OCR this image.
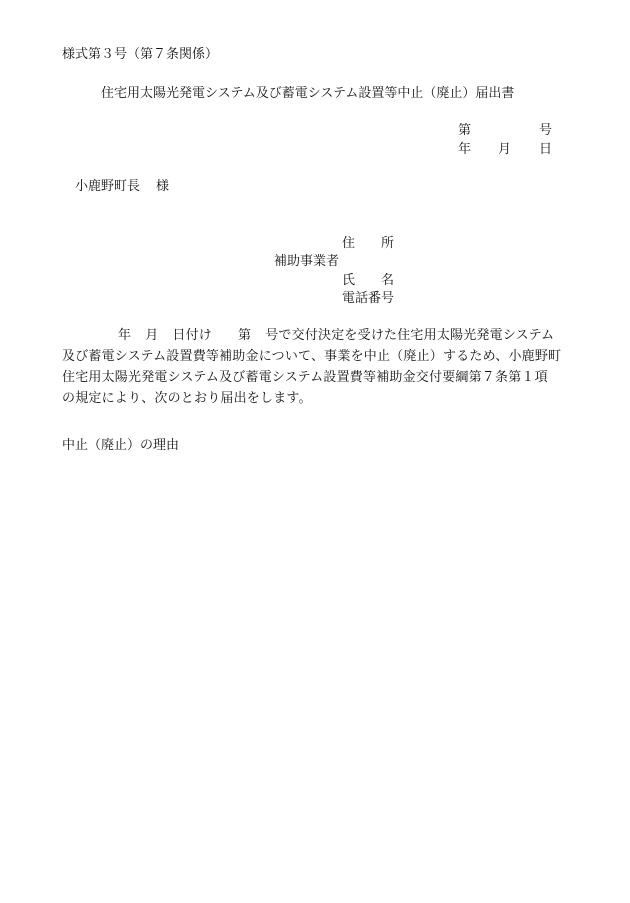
様式第３号（第７条関係）
住宅用太陽光発電システム及び蓄電システム設置等中止（廃止）届出書
第	号
年 月 日
小鹿野町長 様
住 所
補助事業者
氏 名
電話番号
年 月 日付け 第 号で交付決定を受けた住宅用太陽光発電システム
及び蓄電システム設置費等補助金について、事業を中止（廃止）するため、小鹿野町
住宅用太陽光発電システム及び蓄電システム設置費等補助金交付要綱第７条第１項
の規定により、次のとおり届出をします。
中止（廃止）の理由
